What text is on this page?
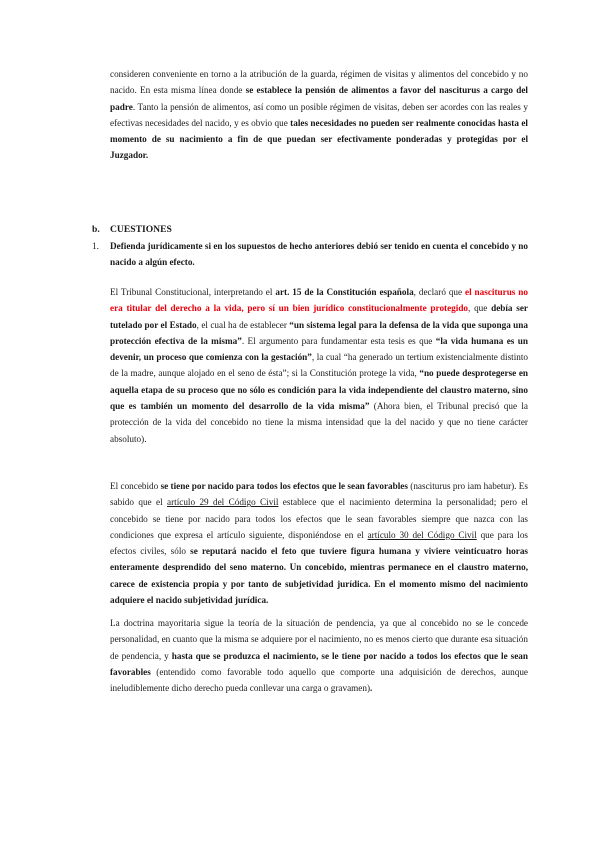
consideren conveniente en torno a la atribución de la guarda, régimen de visitas y alimentos del concebido y no nacido. En esta misma línea donde se establece la pensión de alimentos a favor del nasciturus a cargo del padre. Tanto la pensión de alimentos, así como un posible régimen de visitas, deben ser acordes con las reales y efectivas necesidades del nacido, y es obvio que tales necesidades no pueden ser realmente conocidas hasta el momento de su nacimiento a fin de que puedan ser efectivamente ponderadas y protegidas por el Juzgador.

b. CUESTIONES
1. Defienda jurídicamente si en los supuestos de hecho anteriores debió ser tenido en cuenta el concebido y no nacido a algún efecto.

El Tribunal Constitucional, interpretando el art. 15 de la Constitución española, declaró que el nasciturus no era titular del derecho a la vida, pero sí un bien jurídico constitucionalmente protegido, que debía ser tutelado por el Estado, el cual ha de establecer “un sistema legal para la defensa de la vida que suponga una protección efectiva de la misma”. El argumento para fundamentar esta tesis es que “la vida humana es un devenir, un proceso que comienza con la gestación”, la cual “ha generado un tertium existencialmente distinto de la madre, aunque alojado en el seno de ésta”; si la Constitución protege la vida, “no puede desprotegerse en aquella etapa de su proceso que no sólo es condición para la vida independiente del claustro materno, sino que es también un momento del desarrollo de la vida misma” (Ahora bien, el Tribunal precisó que la protección de la vida del concebido no tiene la misma intensidad que la del nacido y que no tiene carácter absoluto).

El concebido se tiene por nacido para todos los efectos que le sean favorables (nasciturus pro iam habetur). Es sabido que el artículo 29 del Código Civil establece que el nacimiento determina la personalidad; pero el concebido se tiene por nacido para todos los efectos que le sean favorables siempre que nazca con las condiciones que expresa el artículo siguiente, disponiéndose en el artículo 30 del Código Civil que para los efectos civiles, sólo se reputará nacido el feto que tuviere figura humana y viviere veinticuatro horas enteramente desprendido del seno materno. Un concebido, mientras permanece en el claustro materno, carece de existencia propia y por tanto de subjetividad jurídica. En el momento mismo del nacimiento adquiere el nacido subjetividad jurídica.

La doctrina mayoritaria sigue la teoría de la situación de pendencia, ya que al concebido no se le concede personalidad, en cuanto que la misma se adquiere por el nacimiento, no es menos cierto que durante esa situación de pendencia, y hasta que se produzca el nacimiento, se le tiene por nacido a todos los efectos que le sean favorables (entendido como favorable todo aquello que comporte una adquisición de derechos, aunque ineludiblemente dicho derecho pueda conllevar una carga o gravamen).
